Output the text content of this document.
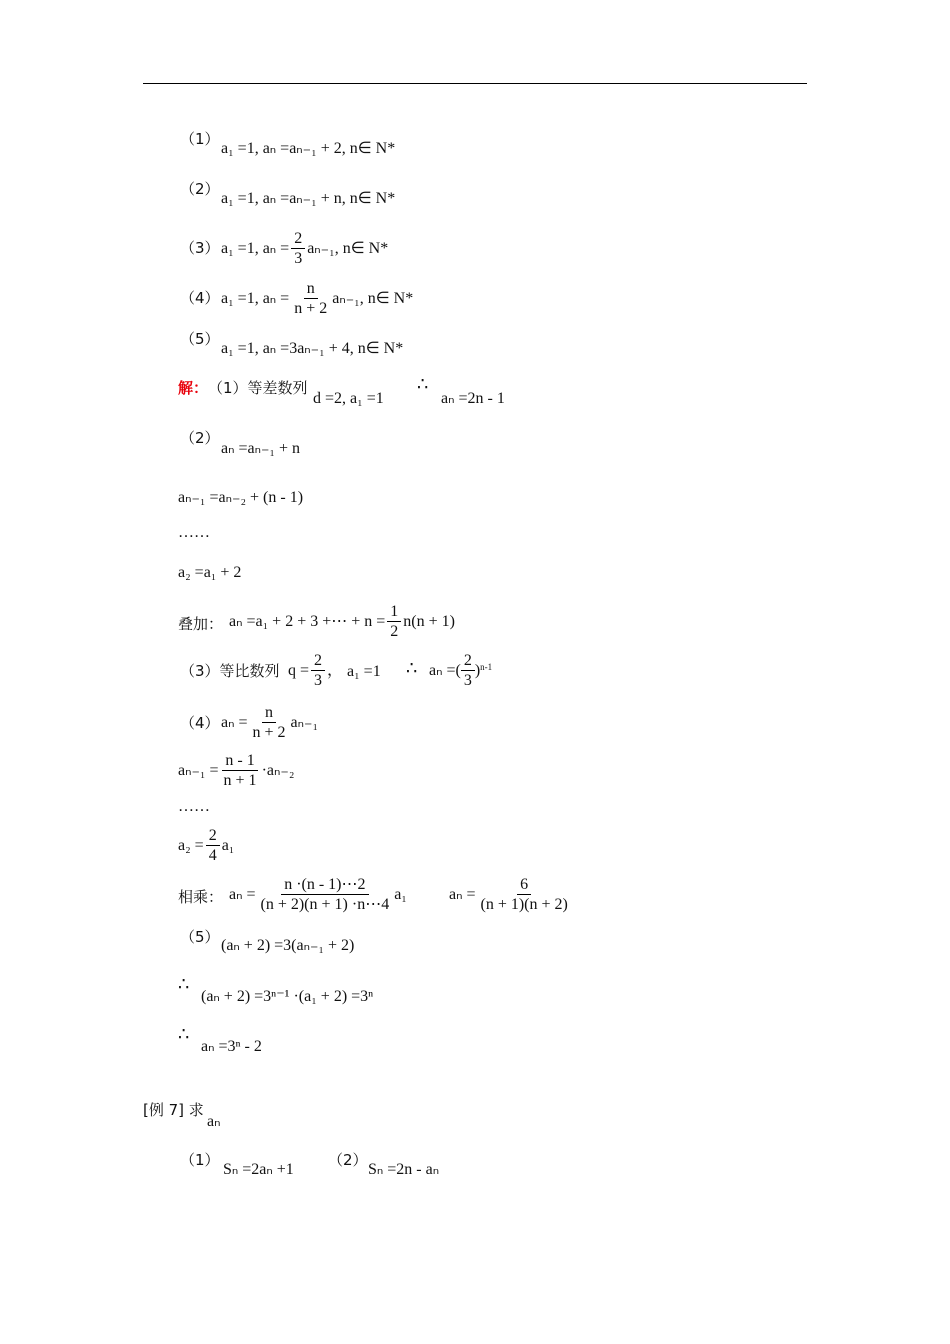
（1）
a₁ =1, aₙ =aₙ₋₁ + 2, n∈ N*
（2）
a₁ =1, aₙ =aₙ₋₁ + n, n∈ N*
（3） a₁ =1, $a_n = \frac{2}{3} a_{n-1}$, n∈ N*
（4） a₁ =1, $a_n = \frac{n}{n + 2} a_{n-1}$, n∈ N*
（5）
a₁ =1, aₙ =3aₙ₋₁ + 4, n∈ N*
解： （1）等差数列
d =2, a₁ =1
∴
aₙ =2n - 1
（2）
aₙ =aₙ₋₁ + n
aₙ₋₁ =aₙ₋₂ + (n - 1)
……
a₂ =a₁ + 2
叠加： aₙ =a₁ + 2 + 3 +⋯ + $n = \frac{1}{2} n(n + 1)$
（3）等比数列 $q = \frac{2}{3}$ ， a₁ =1 ∴ aₙ =( $\frac{2}{3} )^{n-1}$
（4） $a_n = \frac{n}{n + 2} a_{n-1}$
$a_{n-1} = \frac{n - 1}{n + 1} \cdot a_{n-2}$
……
$a_2 = \frac{2}{4} a_1$
相乘： $a_n = \frac{n \cdot(n - 1)\cdots 2}{(n + 2)(n + 1) \cdot n\cdots 4} a_1$	$a_n = \frac{6}{(n + 1)(n + 2)}$
（5） (aₙ + 2) =3(aₙ₋₁ + 2)
∴
(aₙ + 2) =3ⁿ⁻¹ ·(a₁ + 2) =3ⁿ
∴
aₙ =3ⁿ - 2
[例 7] 求
aₙ
（1）
Sₙ =2aₙ +1
（2）
Sₙ =2n - aₙ
